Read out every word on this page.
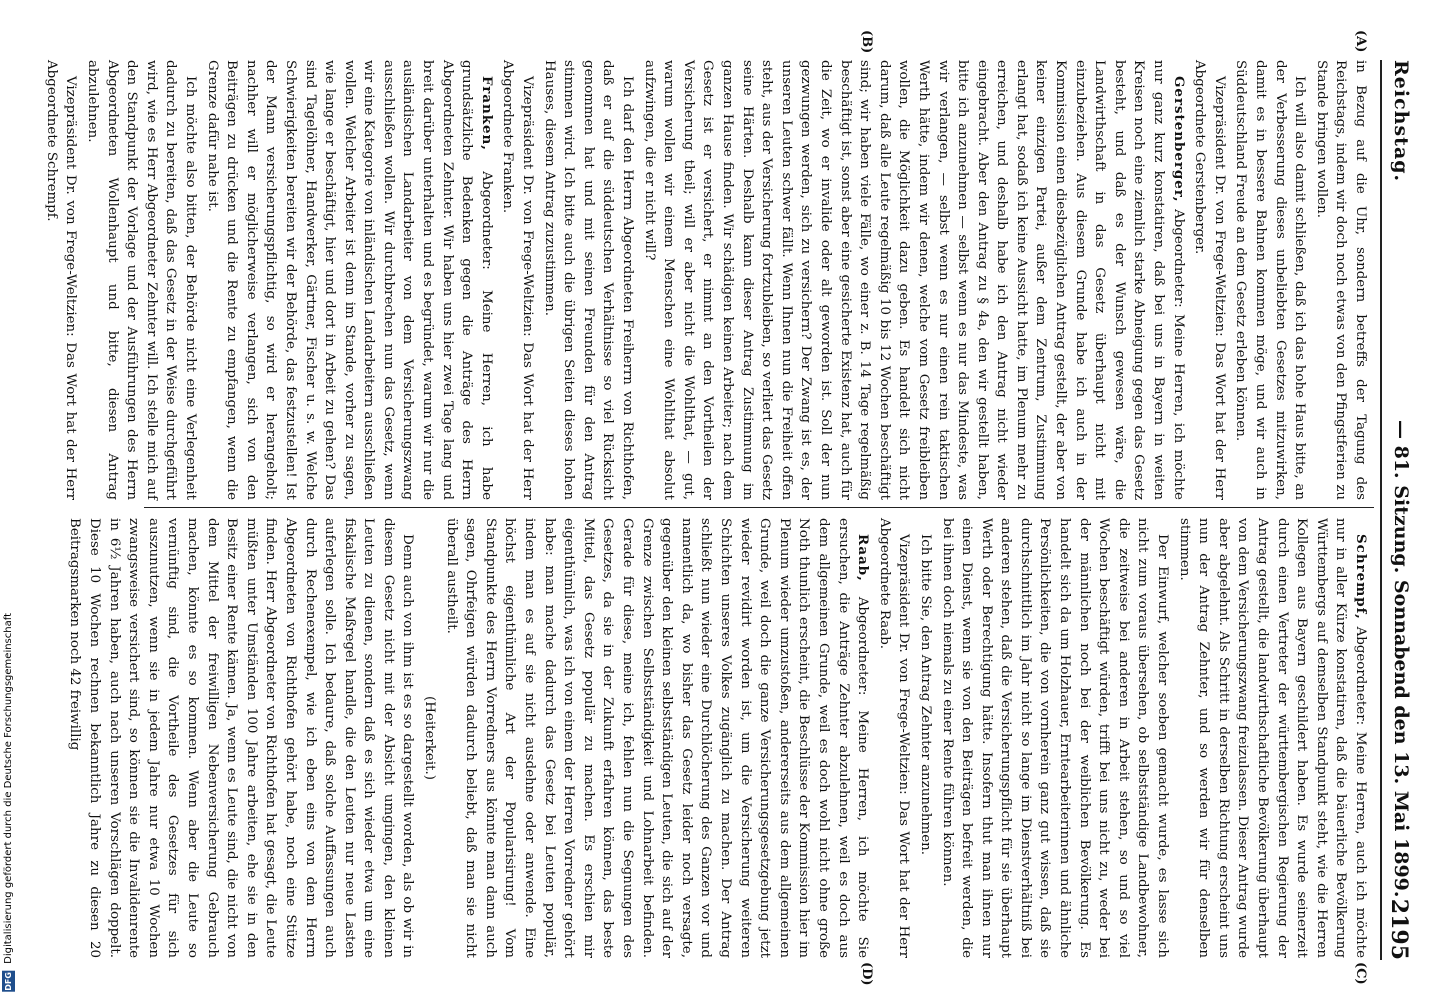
DFG Digitalisierung gefördert durch die Deutsche Forschungsgemeinschaft
Reichstag.
— 81. Sitzung. Sonnabend den 13. Mai 1899.
2195
(A)
(B)
(C)
(D)

in Bezug auf die Uhr, sondern betreffs der Tagung des Reichstags, indem wir doch noch etwas von den Pfingstferien zu Stande bringen wollen.

Ich will also damit schließen, daß ich das hohe Haus bitte, an der Verbesserung dieses unbeliebten Gesetzes mitzuwirken, damit es in bessere Bahnen kommen möge, und wir auch in Süddeutschland Freude an dem Gesetz erleben können.

Vizepräsident Dr. von Frege-Weltzien: Das Wort hat der Herr Abgeordnete Gerstenberger.

Gerstenberger, Abgeordneter: Meine Herren, ich möchte nur ganz kurz konstatiren, daß bei uns in Bayern in weiten Kreisen noch eine ziemlich starke Abneigung gegen das Gesetz besteht, und daß es der Wunsch gewesen wäre, die Landwirthschaft in das Gesetz überhaupt nicht mit einzubeziehen. Aus diesem Grunde habe ich auch in der Kommission einen diesbezüglichen Antrag gestellt, der aber von keiner einzigen Partei, außer dem Zentrum, Zustimmung erlangt hat, sodaß ich keine Aussicht hatte, im Plenum mehr zu erreichen, und deshalb habe ich den Antrag nicht wieder eingebracht. Aber den Antrag zu § 4a, den wir gestellt haben, bitte ich anzunehmen — selbst wenn es nur das Mindeste, was wir verlangen, — selbst wenn es nur einen rein taktischen Werth hätte, indem wir denen, welche vom Gesetz freibleiben wollen, die Möglichkeit dazu geben. Es handelt sich nicht darum, daß alle Leute regelmäßig 10 bis 12 Wochen beschäftigt sind; wir haben viele Fälle, wo einer z. B. 14 Tage regelmäßig beschäftigt ist, sonst aber eine gesicherte Existenz hat, auch für die Zeit, wo er invalide oder alt geworden ist. Soll der nun gezwungen werden, sich zu versichern? Der Zwang ist es, der unseren Leuten schwer fällt. Wenn Ihnen nun die Freiheit offen steht, aus der Versicherung fortzubleiben, so verliert das Gesetz seine Härten. Deshalb kann dieser Antrag Zustimmung im ganzen Hause finden. Wir schädigen keinen Arbeiter; nach dem Gesetz ist er versichert, er nimmt an den Vortheilen der Versicherung theil; will er aber nicht die Wohlthat, — gut, warum wollen wir einem Menschen eine Wohlthat absolut aufzwingen, die er nicht will?

Ich darf den Herrn Abgeordneten Freiherrn von Richthofen, daß er auf die süddeutschen Verhältnisse so viel Rücksicht genommen hat und mit seinen Freunden für den Antrag stimmen wird. Ich bitte auch die übrigen Seiten dieses hohen Hauses, diesem Antrag zuzustimmen.

Vizepräsident Dr. von Frege-Weltzien: Das Wort hat der Herr Abgeordnete Franken.

Franken, Abgeordneter: Meine Herren, ich habe grundsätzliche Bedenken gegen die Anträge des Herrn Abgeordneten Zehnter. Wir haben uns hier zwei Tage lang und breit darüber unterhalten und es begründet, warum wir nur die ausländischen Landarbeiter von dem Versicherungszwang ausschließen wollen. Wir durchbrechen nun das Gesetz, wenn wir eine Kategorie von inländischen Landarbeitern ausschließen wollen. Welcher Arbeiter ist denn im Stande, vorher zu sagen, wie lange er beschäftigt, hier und dort in Arbeit zu gehen? Das sind Tagelöhner, Handwerker, Gärtner, Fischer u. s. w. Welche Schwierigkeiten bereiten wir der Behörde, das festzustellen! Ist der Mann versicherungspflichtig, so wird er herangeholt; nachher will er möglicherweise verlangen, sich von den Beiträgen zu drücken und die Rente zu empfangen, wenn die Grenze dafür nahe ist.

Ich möchte also bitten, der Behörde nicht eine Verlegenheit dadurch zu bereiten, daß das Gesetz in der Weise durchgeführt wird, wie es Herr Abgeordneter Zehnter will. Ich stelle mich auf den Standpunkt der Vorlage und der Ausführungen des Herrn Abgeordneten Wollenhaupt und bitte, diesen Antrag abzulehnen.

Vizepräsident Dr. von Frege-Weltzien: Das Wort hat der Herr Abgeordnete Schrempf.

Schrempf, Abgeordneter: Meine Herren, auch ich möchte nur in aller Kürze konstatiren, daß die bäuerliche Bevölkerung Württembergs auf demselben Standpunkt steht, wie die Herren Kollegen aus Bayern geschildert haben. Es wurde seinerzeit durch einen Vertreter der württembergischen Regierung der Antrag gestellt, die landwirthschaftliche Bevölkerung überhaupt von dem Versicherungszwang freizulassen. Dieser Antrag wurde aber abgelehnt. Als Schritt in derselben Richtung erscheint uns nun der Antrag Zehnter, und so werden wir für denselben stimmen.

Der Einwurf, welcher soeben gemacht wurde, es lasse sich nicht zum voraus übersehen, ob selbstständige Landbewohner, die zeitweise bei anderen in Arbeit stehen, so und so viel Wochen beschäftigt würden, trifft bei uns nicht zu, weder bei der männlichen noch bei der weiblichen Bevölkerung. Es handelt sich da um Holzhauer, Erntearbeiterinnen und ähnliche Persönlichkeiten, die von vornherein ganz gut wissen, daß sie durchschnittlich im Jahr nicht so lange im Dienstverhältniß bei anderen stehen, daß die Versicherungspflicht für sie überhaupt Werth oder Berechtigung hätte. Insofern thut man ihnen nur einen Dienst, wenn sie von den Beiträgen befreit werden, die bei ihnen doch niemals zu einer Rente führen können.

Ich bitte Sie, den Antrag Zehnter anzunehmen.

Vizepräsident Dr. von Frege-Weltzien: Das Wort hat der Herr Abgeordnete Raab.

Raab, Abgeordneter: Meine Herren, ich möchte Sie ersuchen, die Anträge Zehnter abzulehnen, weil es doch aus dem allgemeinen Grunde, weil es doch wohl nicht ohne große Noth thunlich erscheint, die Beschlüsse der Kommission hier im Plenum wieder umzustoßen, andererseits aus dem allgemeinen Grunde, weil doch die ganze Versicherungsgesetzgebung jetzt wieder revidirt worden ist, um die Versicherung weiteren Schichten unseres Volkes zugänglich zu machen. Der Antrag schließt nun wieder eine Durchlöcherung des Ganzen vor und namentlich da, wo bisher das Gesetz leider noch versagte, gegenüber den kleinen selbstständigen Leuten, die sich auf der Grenze zwischen Selbstständigkeit und Lohnarbeit befinden. Gerade für diese, meine ich, fehlen nun die Segnungen des Gesetzes, da sie in der Zukunft erfahren können, das beste Mittel, das Gesetz populär zu machen. Es erschien mir eigenthümlich, was ich von einem der Herren Vorredner gehört habe: man mache dadurch das Gesetz bei Leuten populär, indem man es auf sie nicht ausdehne oder anwende. Eine höchst eigenthümliche Art der Popularisirung! Vom Standpunkte des Herrn Vorredners aus könnte man dann auch sagen, Ohrfeigen würden dadurch beliebt, daß man sie nicht überall austheilt.

(Heiterkeit.)

Denn auch von ihm ist es so dargestellt worden, als ob wir in diesem Gesetz nicht mit der Absicht umgingen, den kleinen Leuten zu dienen, sondern daß es sich wieder etwa um eine fiskalische Maßregel handle, die den Leuten nur neue Lasten auferlegen solle. Ich bedaure, daß solche Auffassungen auch durch Rechenexempel, wie ich eben eins von dem Herrn Abgeordneten von Richthofen gehört habe, noch eine Stütze finden. Herr Abgeordneter von Richthofen hat gesagt, die Leute müßten unter Umständen 100 Jahre arbeiten, ehe sie in den Besitz einer Rente kämen. Ja, wenn es Leute sind, die nicht von dem Mittel der freiwilligen Nebenversicherung Gebrauch machen, könnte es so kommen. Wenn aber die Leute so vernünftig sind, die Vortheile des Gesetzes für sich auszunutzen, wenn sie in jedem Jahre nur etwa 10 Wochen zwangsweise versichert sind, so können sie die Invalidenrente in 6½ Jahren haben, auch nach unseren Vorschlägen doppelt. Diese 10 Wochen rechnen bekanntlich Jahre zu diesen 20 Beitragsmarken noch 42 freiwillig
